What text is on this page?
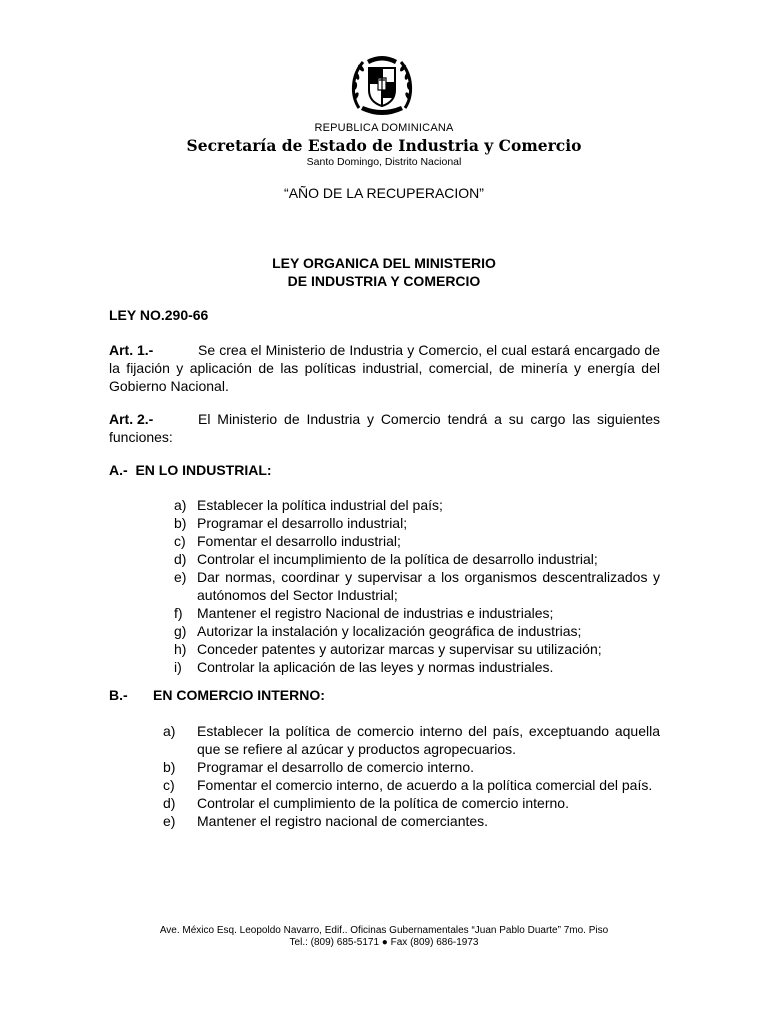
REPUBLICA DOMINICANA
Secretaría de Estado de Industria y Comercio
Santo Domingo, Distrito Nacional
“AÑO DE LA RECUPERACION”
LEY ORGANICA DEL MINISTERIO
DE INDUSTRIA Y COMERCIO
LEY NO.290-66
Art. 1.-	Se crea el Ministerio de Industria y Comercio, el cual estará encargado de la fijación y aplicación de las políticas industrial, comercial, de minería y energía del Gobierno Nacional.
Art. 2.-	El Ministerio de Industria y Comercio tendrá a su cargo las siguientes funciones:
A.- EN LO INDUSTRIAL:
a) Establecer la política industrial del país;
b) Programar el desarrollo industrial;
c) Fomentar el desarrollo industrial;
d) Controlar el incumplimiento de la política de desarrollo industrial;
e) Dar normas, coordinar y supervisar a los organismos descentralizados y autónomos del Sector Industrial;
f) Mantener el registro Nacional de industrias e industriales;
g) Autorizar la instalación y localización geográfica de industrias;
h) Conceder patentes y autorizar marcas y supervisar su utilización;
i) Controlar la aplicación de las leyes y normas industriales.
B.- EN COMERCIO INTERNO:
a) Establecer la política de comercio interno del país, exceptuando aquella que se refiere al azúcar y productos agropecuarios.
b) Programar el desarrollo de comercio interno.
c) Fomentar el comercio interno, de acuerdo a la política comercial del país.
d) Controlar el cumplimiento de la política de comercio interno.
e) Mantener el registro nacional de comerciantes.
Ave. México Esq. Leopoldo Navarro, Edif.. Oficinas Gubernamentales “Juan Pablo Duarte” 7mo. Piso
Tel.: (809) 685-5171 ● Fax (809) 686-1973
